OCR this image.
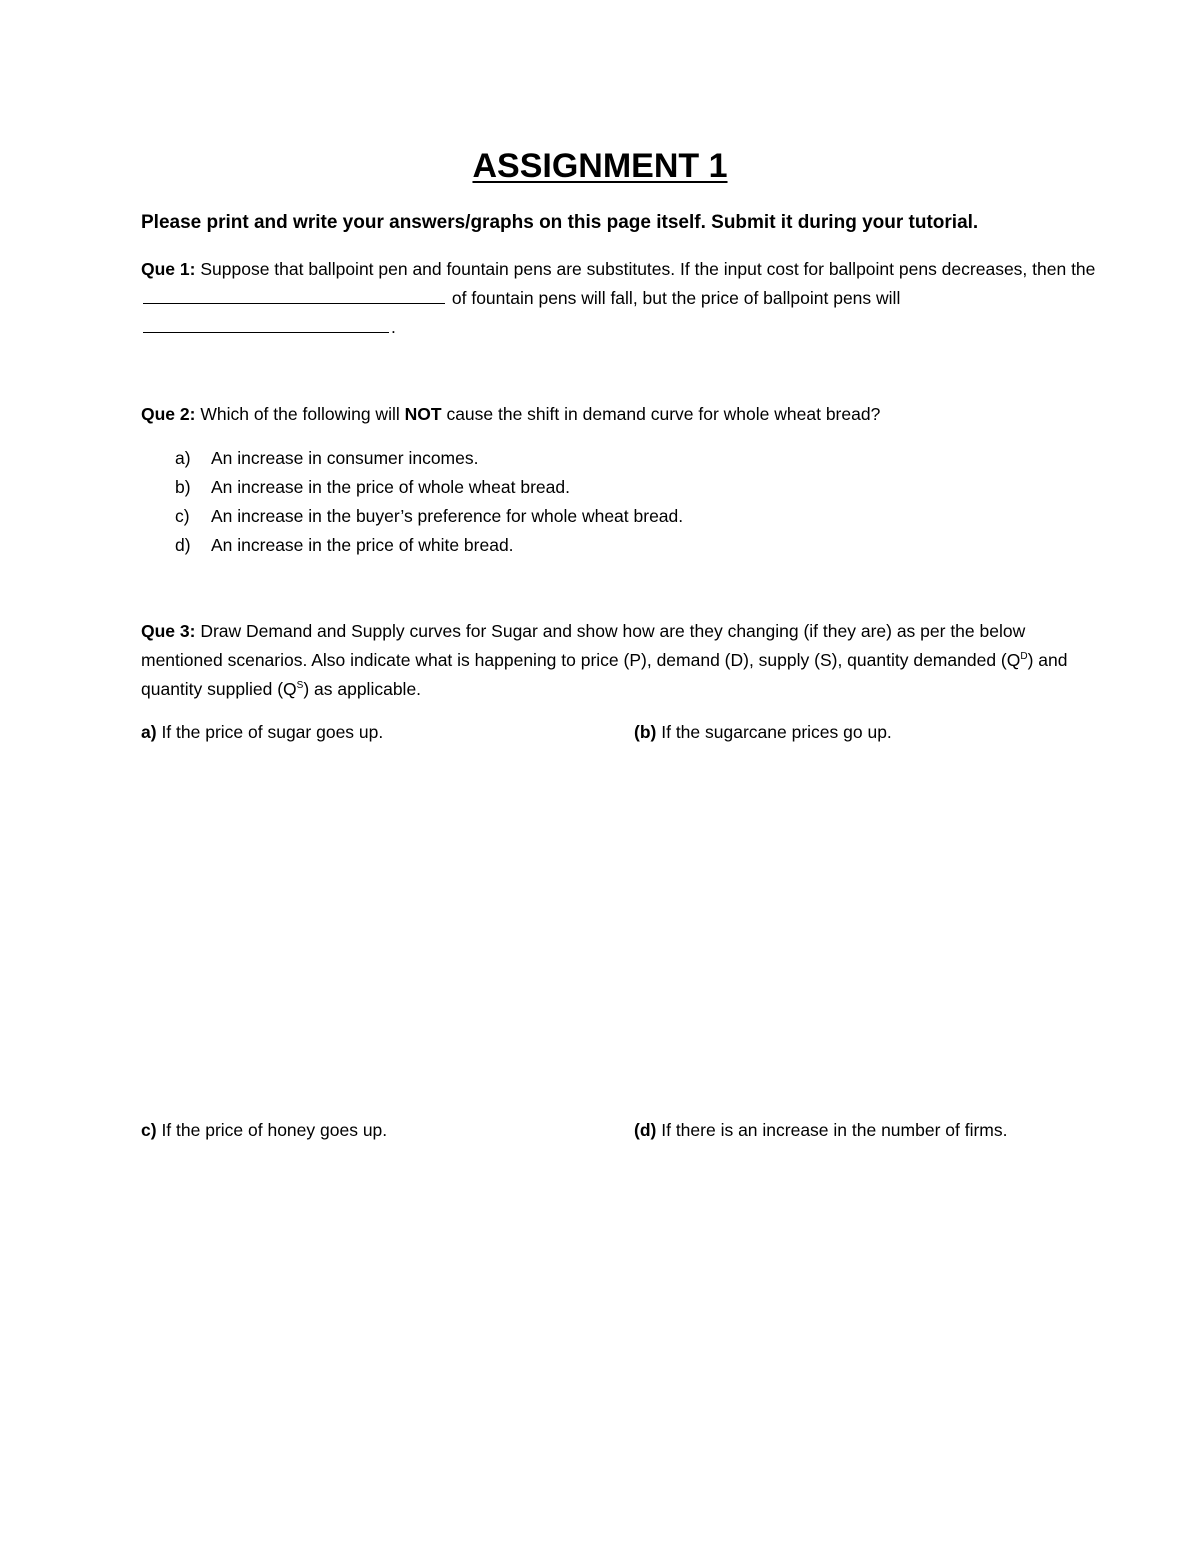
ASSIGNMENT 1
Please print and write your answers/graphs on this page itself. Submit it during your tutorial.
Que 1: Suppose that ballpoint pen and fountain pens are substitutes. If the input cost for ballpoint pens decreases, then the  of fountain pens will fall, but the price of ballpoint pens will .
Que 2: Which of the following will NOT cause the shift in demand curve for whole wheat bread?
a) An increase in consumer incomes.
b) An increase in the price of whole wheat bread.
c) An increase in the buyer’s preference for whole wheat bread.
d) An increase in the price of white bread.
Que 3: Draw Demand and Supply curves for Sugar and show how are they changing (if they are) as per the below mentioned scenarios. Also indicate what is happening to price (P), demand (D), supply (S), quantity demanded $(Q^D)$ and quantity supplied $(Q^S)$ as applicable.
a) If the price of sugar goes up.	(b) If the sugarcane prices go up.
c) If the price of honey goes up.	(d) If there is an increase in the number of firms.
